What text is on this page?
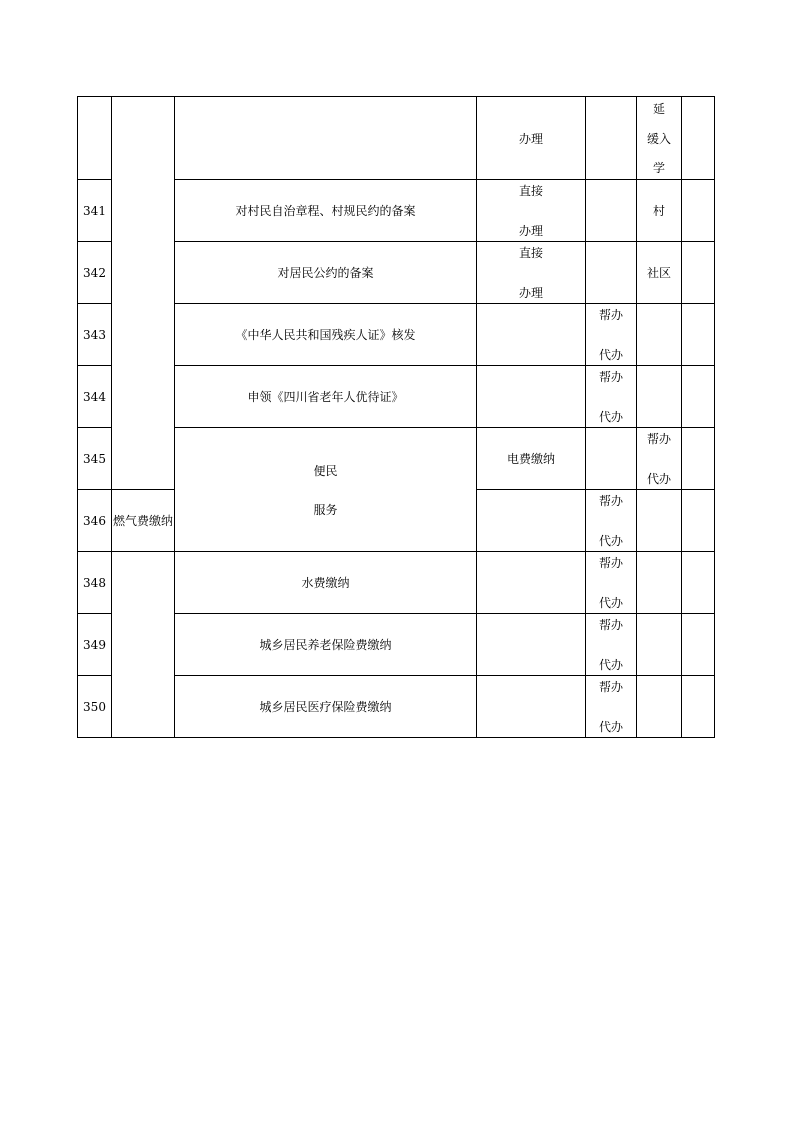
			办理		延
缓入
学		

341		对村民自治章程、村规民约的备案	直接
办理		村		
342		对居民公约的备案	直接
办理		社区		
343		《中华人民共和国残疾人证》核发		帮办
代办			

344		申领《四川省老年人优待证》		帮办
代办			

345		便民
服务	电费缴纳		帮办
代办		

346	燃气费缴纳			帮办
代办			

348		水费缴纳		帮办
代办			

349		城乡居民养老保险费缴纳		帮办
代办			

350		城乡居民医疗保险费缴纳		帮办
代办			
